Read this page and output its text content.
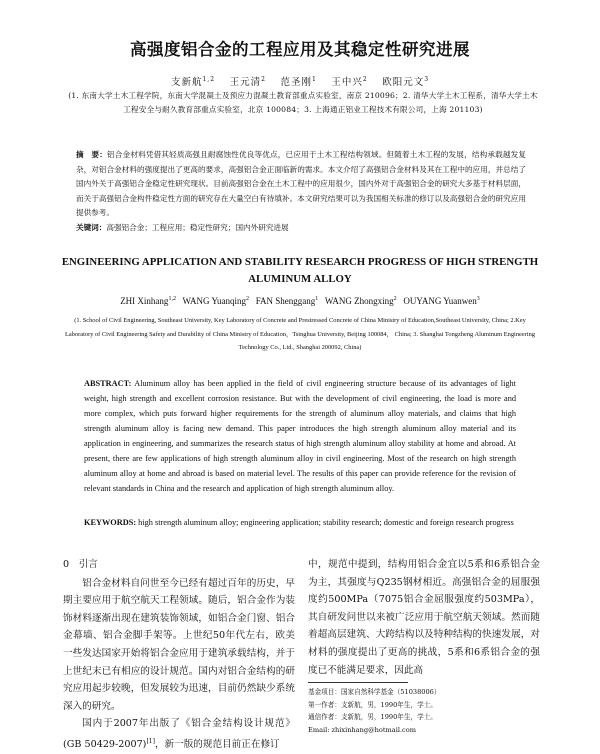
高强度铝合金的工程应用及其稳定性研究进展
支新航$^{1,2}$  王元清$^2$  范圣刚$^1$  王中兴$^2$  欧阳元文$^3$
(1. 东南大学土木工程学院，东南大学混凝土及预应力混凝土教育部重点实验室，南京 210096；2. 清华大学土木工程系，清华大学土木工程安全与耐久教育部重点实验室，北京 100084；3. 上海通正铝业工程技术有限公司，上海 201103)
摘　要：铝合金材料凭借其轻质高强且耐腐蚀性优良等优点，已应用于土木工程结构领域。但随着土木工程的发展，结构承载越发复杂，对铝合金材料的强度提出了更高的要求，高强铝合金正面临新的需求。本文介绍了高强铝合金材料及其在工程中的应用，并总结了国内外关于高强铝合金稳定性研究现状。目前高强铝合金在土木工程中的应用很少，国内外对于高强铝合金的研究大多基于材料层面，而关于高强铝合金构件稳定性方面的研究存在大量空白有待填补。本文研究结果可以为我国相关标准的修订以及高强铝合金的研究应用提供参考。
关键词：高强铝合金；工程应用；稳定性研究；国内外研究进展
ENGINEERING APPLICATION AND STABILITY RESEARCH PROGRESS OF HIGH STRENGTH ALUMINUM ALLOY
ZHI Xinhang$^{1,2}$  WANG Yuanqing$^2$  FAN Shenggang$^1$  WANG Zhongxing$^2$  OUYANG Yuanwen$^3$
(1. School of Civil Engineering, Southeast University, Key Laboratory of Concrete and Prestressed Concrete of China Ministry of Education,Southeast University, China; 2.Key Laboratory of Civil Engineering Safety and Durability of China Ministry of Education，Tsinghua University, Beijing 100084， China; 3. Shanghai Tongzheng Aluminum Engineering Technology Co., Ltd., Shanghai 200092, China)
ABSTRACT: Aluminum alloy has been applied in the field of civil engineering structure because of its advantages of light weight, high strength and excellent corrosion resistance. But with the development of civil engineering, the load is more and more complex, which puts forward higher requirements for the strength of aluminum alloy materials, and claims that high strength aluminum alloy is facing new demand. This paper introduces the high strength aluminum alloy material and its application in engineering, and summarizes the research status of high strength aluminum alloy stability at home and abroad. At present, there are few applications of high strength aluminum alloy in civil engineering. Most of the research on high strength aluminum alloy at home and abroad is based on material level. The results of this paper can provide reference for the revision of relevant standards in China and the research and application of high strength aluminum alloy.
KEYWORDS: high strength aluminum alloy; engineering application; stability research; domestic and foreign research progress
0　引言

铝合金材料自问世至今已经有超过百年的历史，早期主要应用于航空航天工程领域。随后，铝合金作为装饰材料逐渐出现在建筑装饰领域，如铝合金门窗、铝合金幕墙、铝合金脚手架等。上世纪50年代左右，欧美一些发达国家开始将铝合金应用于建筑承载结构，并于上世纪末已有相应的设计规范。国内对铝合金结构的研究应用起步较晚，但发展较为迅速，目前仍然缺少系统深入的研究。

国内于2007年出版了《铝合金结构设计规范》(GB 50429-2007)[1]，新一版的规范目前正在修订

中，规范中提到，结构用铝合金宜以5系和6系铝合金为主，其强度与Q235钢材相近。高强铝合金的屈服强度约500MPa（7075铝合金屈服强度约503MPa），其自研发问世以来被广泛应用于航空航天领域。然而随着超高层建筑、大跨结构以及特种结构的快速发展，对材料的强度提出了更高的挑战，5系和6系铝合金的强度已不能满足要求，因此高

基金项目：国家自然科学基金（51038006）
第一作者：支新航，男，1990年生，学士。
通信作者：支新航，男，1990年生，学士。
Email: zhixinhang@hotmail.com
